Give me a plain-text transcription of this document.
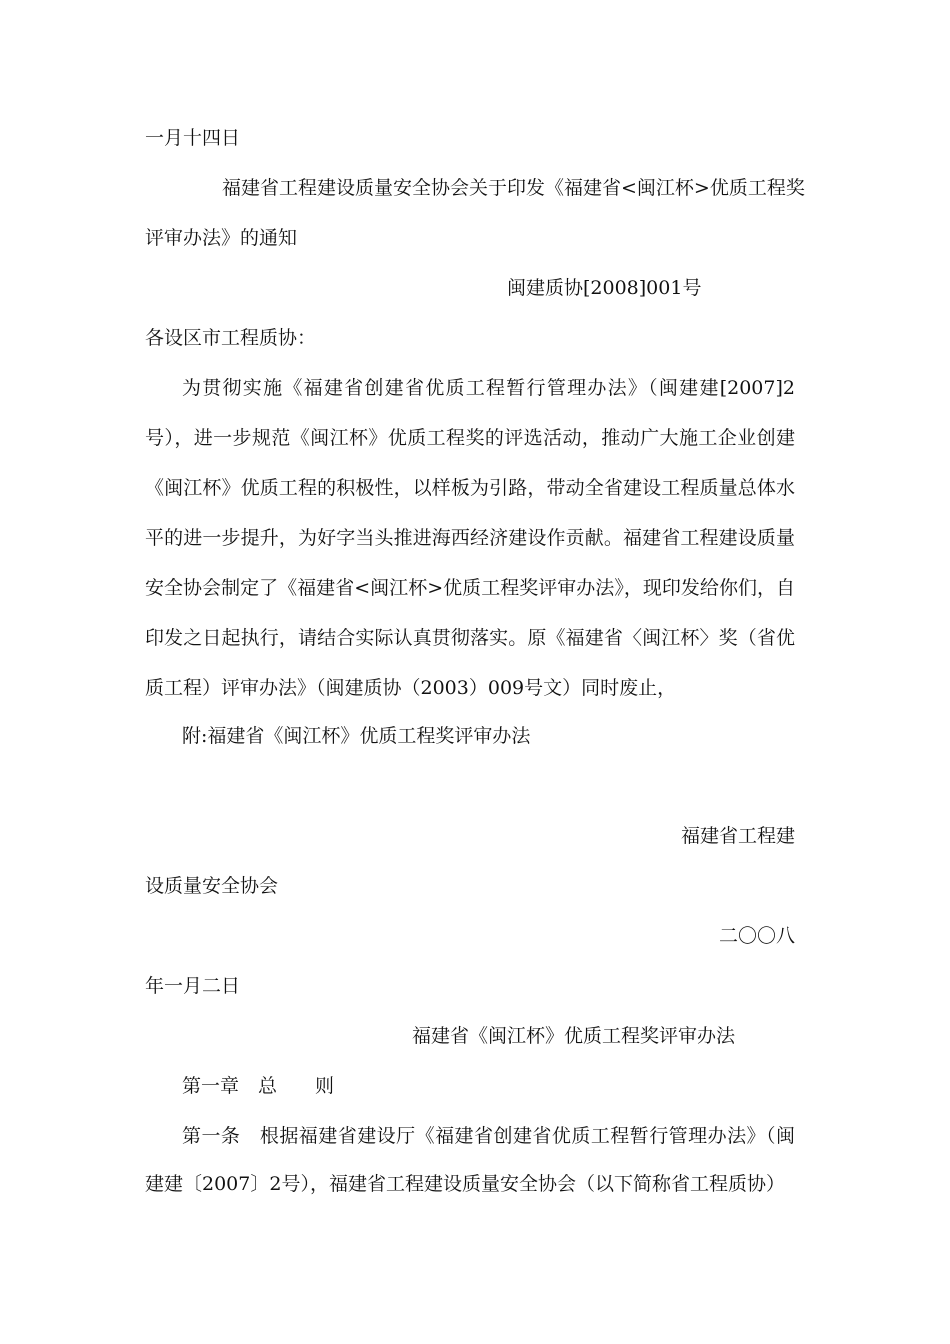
一月十四日
福建省工程建设质量安全协会关于印发《福建省<闽江杯>优质工程奖
评审办法》的通知
闽建质协[2008]001号
各设区市工程质协：
为贯彻实施《福建省创建省优质工程暂行管理办法》（闽建建[2007]2
号），进一步规范《闽江杯》优质工程奖的评选活动，推动广大施工企业创建
《闽江杯》优质工程的积极性，以样板为引路，带动全省建设工程质量总体水
平的进一步提升，为好字当头推进海西经济建设作贡献。福建省工程建设质量
安全协会制定了《福建省<闽江杯>优质工程奖评审办法》，现印发给你们，自
印发之日起执行，请结合实际认真贯彻落实。原《福建省〈闽江杯〉奖（省优
质工程）评审办法》（闽建质协（2003）009号文）同时废止，
附:福建省《闽江杯》优质工程奖评审办法
福建省工程建
设质量安全协会
二〇〇八
年一月二日
福建省《闽江杯》优质工程奖评审办法
第一章　总　　则
第一条　根据福建省建设厅《福建省创建省优质工程暂行管理办法》（闽
建建〔2007〕2号），福建省工程建设质量安全协会（以下简称省工程质协）
